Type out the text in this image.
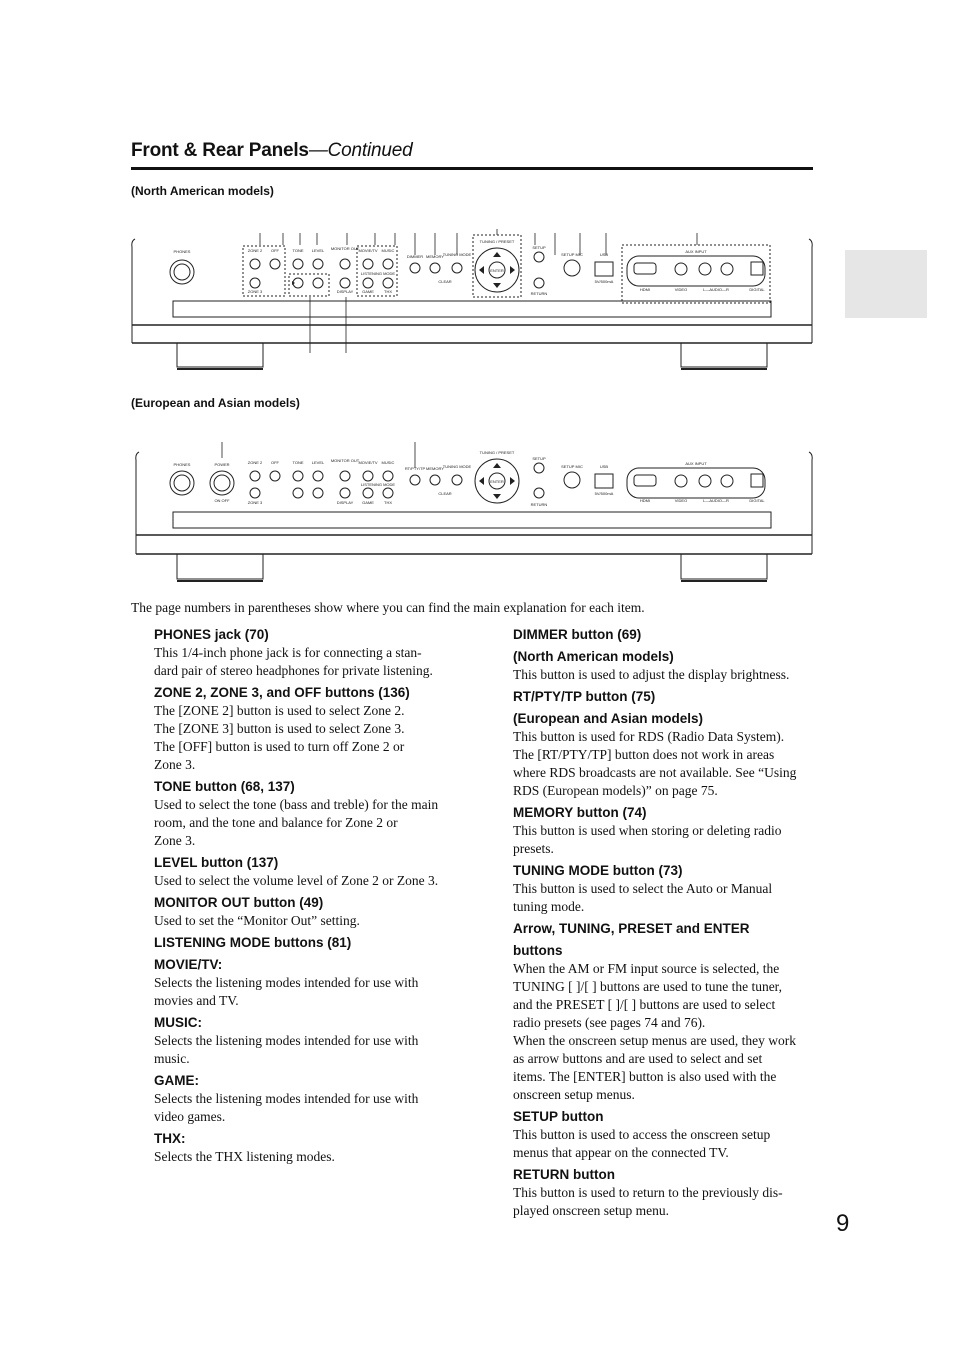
Front & Rear Panels—Continued
(North American models)
PHONES	ZONE 2
ZONE 3
OFF	TONE LEVEL MONITOR OUT
DISPLAY
MOVIE/TV MUSIC
LISTENING MODE
GAME	THX
DIMMER MEMORY
TUNING MODE
CLEAR
TUNING / PRESET
ENTER
SETUP
RETURN
SETUP MIC	USB
5V/500mA
AUX INPUT
HDMI	VIDEO	L—AUDIO—R	DIGITAL
(European and Asian models)
PHONES	POWER
ON OFF
ZONE 2
ZONE 3
OFF	TONE LEVEL MONITOR OUT
DISPLAY
MOVIE/TV MUSIC
LISTENING MODE
GAME	THX
RT/PTY/TP MEMORY
TUNING MODE
CLEAR
TUNING / PRESET
ENTER
SETUP
RETURN
SETUP MIC	USB
5V/500mA
AUX INPUT
HDMI	VIDEO	L—AUDIO—R	DIGITAL
The page numbers in parentheses show where you can find the main explanation for each item.
PHONES jack (70)
This 1/4-inch phone jack is for connecting a stan-
dard pair of stereo headphones for private listening.
ZONE 2, ZONE 3, and OFF buttons (136)
The [ZONE 2] button is used to select Zone 2.
The [ZONE 3] button is used to select Zone 3.
The [OFF] button is used to turn off Zone 2 or
Zone 3.
TONE button (68, 137)
Used to select the tone (bass and treble) for the main
room, and the tone and balance for Zone 2 or
Zone 3.
LEVEL button (137)
Used to select the volume level of Zone 2 or Zone 3.
MONITOR OUT button (49)
Used to set the “Monitor Out” setting.
LISTENING MODE buttons (81)
MOVIE/TV:
Selects the listening modes intended for use with
movies and TV.
MUSIC:
Selects the listening modes intended for use with
music.
GAME:
Selects the listening modes intended for use with
video games.
THX:
Selects the THX listening modes.
DIMMER button (69)
(North American models)
This button is used to adjust the display brightness.
RT/PTY/TP button (75)
(European and Asian models)
This button is used for RDS (Radio Data System).
The [RT/PTY/TP] button does not work in areas
where RDS broadcasts are not available. See “Using
RDS (European models)” on page 75.
MEMORY button (74)
This button is used when storing or deleting radio
presets.
TUNING MODE button (73)
This button is used to select the Auto or Manual
tuning mode.
Arrow, TUNING, PRESET and ENTER
buttons
When the AM or FM input source is selected, the
TUNING [ ]/[ ] buttons are used to tune the tuner,
and the PRESET [ ]/[ ] buttons are used to select
radio presets (see pages 74 and 76).
When the onscreen setup menus are used, they work
as arrow buttons and are used to select and set
items. The [ENTER] button is also used with the
onscreen setup menus.
SETUP button
This button is used to access the onscreen setup
menus that appear on the connected TV.
RETURN button
This button is used to return to the previously dis-
played onscreen setup menu.	9
